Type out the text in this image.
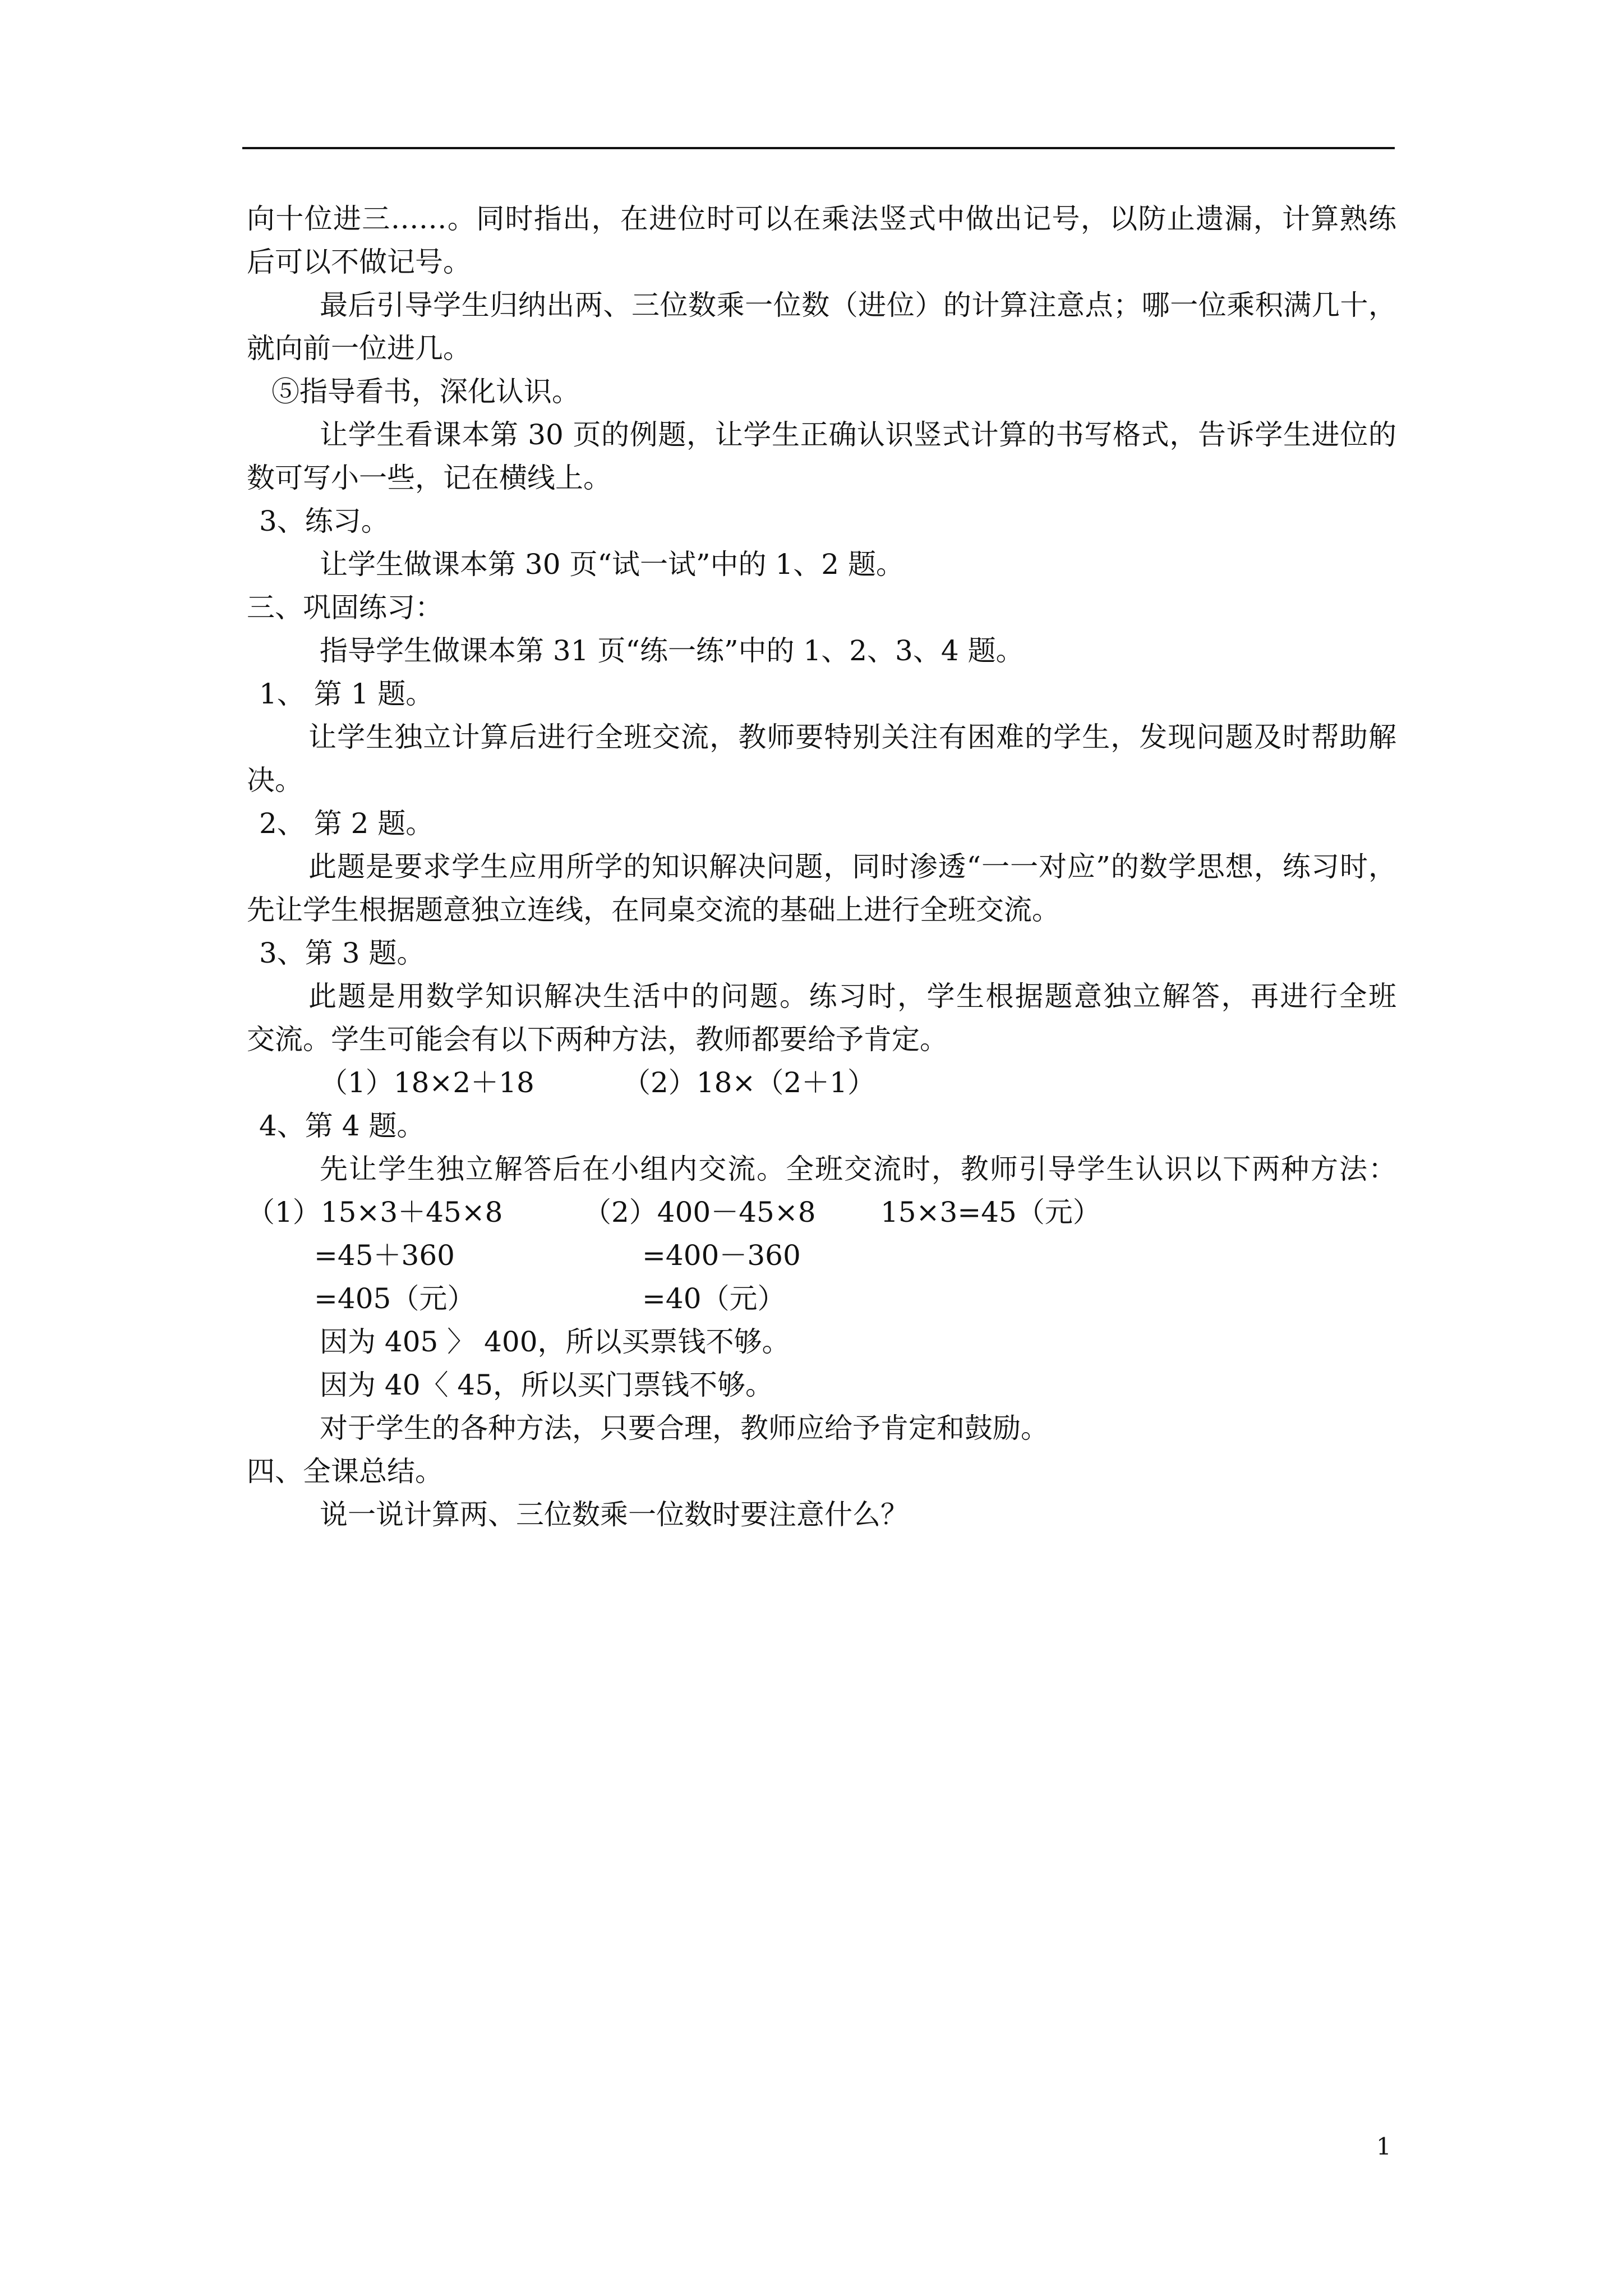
向十位进三……。同时指出，在进位时可以在乘法竖式中做出记号，以防止遗漏，计算熟练
后可以不做记号。
最后引导学生归纳出两、三位数乘一位数（进位）的计算注意点；哪一位乘积满几十，
就向前一位进几。
⑤指导看书，深化认识。
让学生看课本第 30 页的例题，让学生正确认识竖式计算的书写格式，告诉学生进位的
数可写小一些，记在横线上。
3、练习。
让学生做课本第 30 页“试一试”中的 1、2 题。
三、巩固练习：
指导学生做课本第 31 页“练一练”中的 1、2、3、4 题。
1、 第 1 题。
让学生独立计算后进行全班交流，教师要特别关注有困难的学生，发现问题及时帮助解
决。
2、 第 2 题。
此题是要求学生应用所学的知识解决问题，同时渗透“一一对应”的数学思想，练习时，
先让学生根据题意独立连线，在同桌交流的基础上进行全班交流。
3、第 3 题。
此题是用数学知识解决生活中的问题。练习时，学生根据题意独立解答，再进行全班
交流。学生可能会有以下两种方法，教师都要给予肯定。
（1）18×2＋18	（2）18×（2＋1）
4、第 4 题。
先让学生独立解答后在小组内交流。全班交流时，教师引导学生认识以下两种方法：
（1）15×3＋45×8	（2）400－45×8 15×3=45（元）
=45＋360	=400－360
=405（元）	=40（元）
因为 405 〉 400，所以买票钱不够。
因为 40〈 45，所以买门票钱不够。
对于学生的各种方法，只要合理，教师应给予肯定和鼓励。
四、全课总结。
说一说计算两、三位数乘一位数时要注意什么？
1
